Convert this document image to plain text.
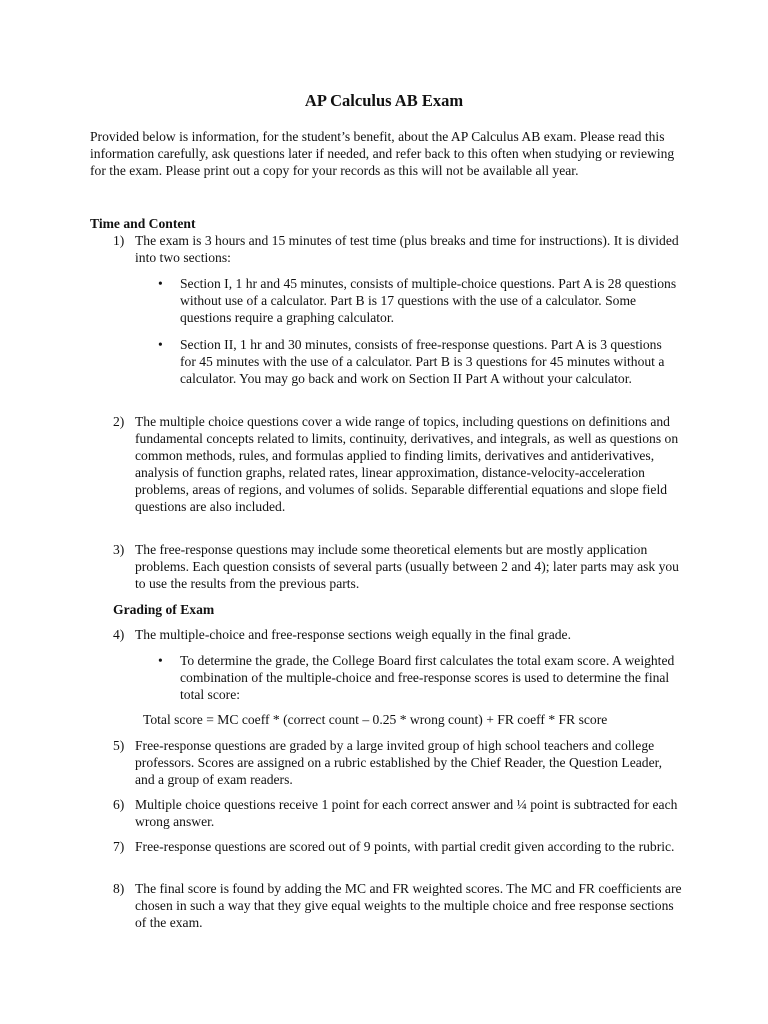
AP Calculus AB Exam
Provided below is information, for the student’s benefit, about the AP Calculus AB exam. Please read this information carefully, ask questions later if needed, and refer back to this often when studying or reviewing for the exam. Please print out a copy for your records as this will not be available all year.
Time and Content
1) The exam is 3 hours and 15 minutes of test time (plus breaks and time for instructions). It is divided into two sections:
• Section I, 1 hr and 45 minutes, consists of multiple-choice questions. Part A is 28 questions without use of a calculator. Part B is 17 questions with the use of a calculator. Some questions require a graphing calculator.
• Section II, 1 hr and 30 minutes, consists of free-response questions. Part A is 3 questions for 45 minutes with the use of a calculator. Part B is 3 questions for 45 minutes without a calculator. You may go back and work on Section II Part A without your calculator.
2) The multiple choice questions cover a wide range of topics, including questions on definitions and fundamental concepts related to limits, continuity, derivatives, and integrals, as well as questions on common methods, rules, and formulas applied to finding limits, derivatives and antiderivatives, analysis of function graphs, related rates, linear approximation, distance-velocity-acceleration problems, areas of regions, and volumes of solids. Separable differential equations and slope field questions are also included.
3) The free-response questions may include some theoretical elements but are mostly application problems. Each question consists of several parts (usually between 2 and 4); later parts may ask you to use the results from the previous parts.
Grading of Exam
4) The multiple-choice and free-response sections weigh equally in the final grade.
• To determine the grade, the College Board first calculates the total exam score. A weighted combination of the multiple-choice and free-response scores is used to determine the final total score:
Total score = MC coeff * (correct count – 0.25 * wrong count) + FR coeff * FR score
5) Free-response questions are graded by a large invited group of high school teachers and college professors. Scores are assigned on a rubric established by the Chief Reader, the Question Leader, and a group of exam readers.
6) Multiple choice questions receive 1 point for each correct answer and ¼ point is subtracted for each wrong answer.
7) Free-response questions are scored out of 9 points, with partial credit given according to the rubric.
8) The final score is found by adding the MC and FR weighted scores. The MC and FR coefficients are chosen in such a way that they give equal weights to the multiple choice and free response sections of the exam.
